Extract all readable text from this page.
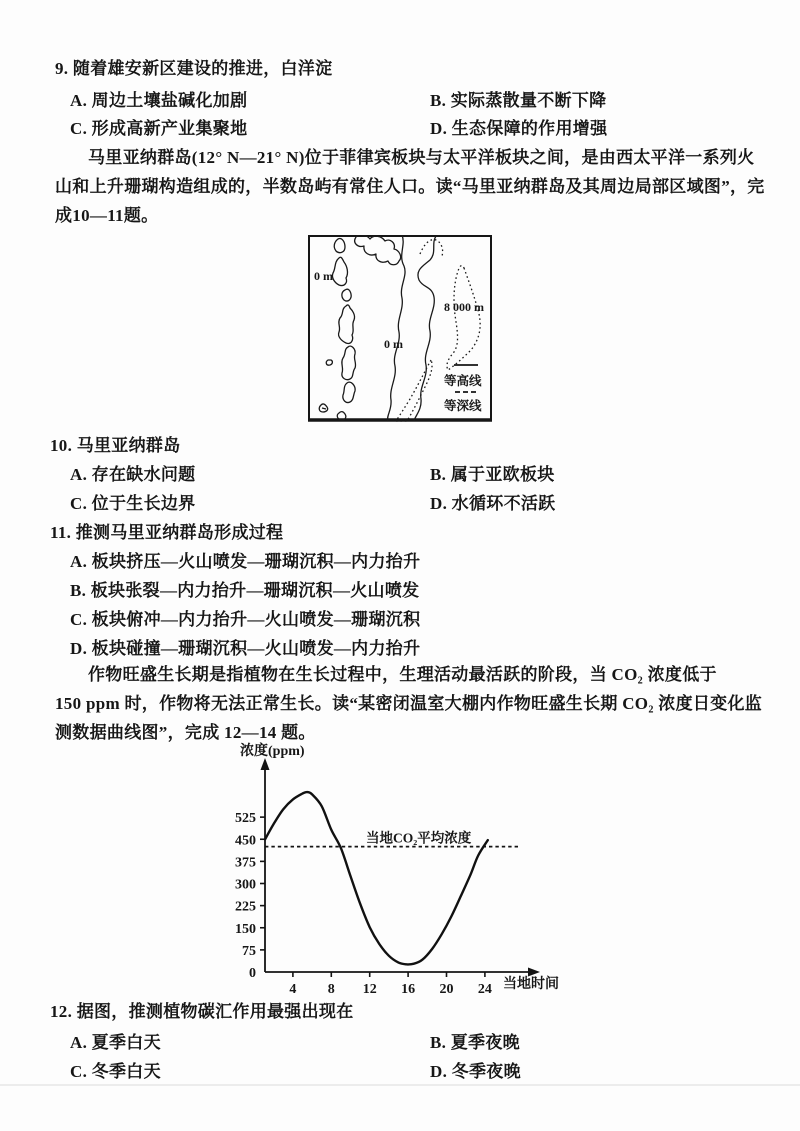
9. 随着雄安新区建设的推进，白洋淀
A. 周边土壤盐碱化加剧	B. 实际蒸散量不断下降
C. 形成高新产业集聚地	D. 生态保障的作用增强
马里亚纳群岛(12° N—21° N)位于菲律宾板块与太平洋板块之间，是由西太平洋一系列火
山和上升珊瑚构造组成的，半数岛屿有常住人口。读“马里亚纳群岛及其周边局部区域图”，完
成10—11题。
0 m
0 m
8 000 m
等高线
等深线
10. 马里亚纳群岛
A. 存在缺水问题	B. 属于亚欧板块
C. 位于生长边界	D. 水循环不活跃
11. 推测马里亚纳群岛形成过程
A. 板块挤压—火山喷发—珊瑚沉积—内力抬升
B. 板块张裂—内力抬升—珊瑚沉积—火山喷发
C. 板块俯冲—内力抬升—火山喷发—珊瑚沉积
D. 板块碰撞—珊瑚沉积—火山喷发—内力抬升
作物旺盛生长期是指植物在生长过程中，生理活动最活跃的阶段，当 CO₂ 浓度低于
150 ppm 时，作物将无法正常生长。读“某密闭温室大棚内作物旺盛生长期 CO₂ 浓度日变化监
测数据曲线图”，完成 12—14 题。
浓度(ppm)
当地时间
0
75
150
225
300
375
450
525
4 8 12 16 20 24
当地CO₂平均浓度
12. 据图，推测植物碳汇作用最强出现在
A. 夏季白天	B. 夏季夜晚
C. 冬季白天	D. 冬季夜晚
